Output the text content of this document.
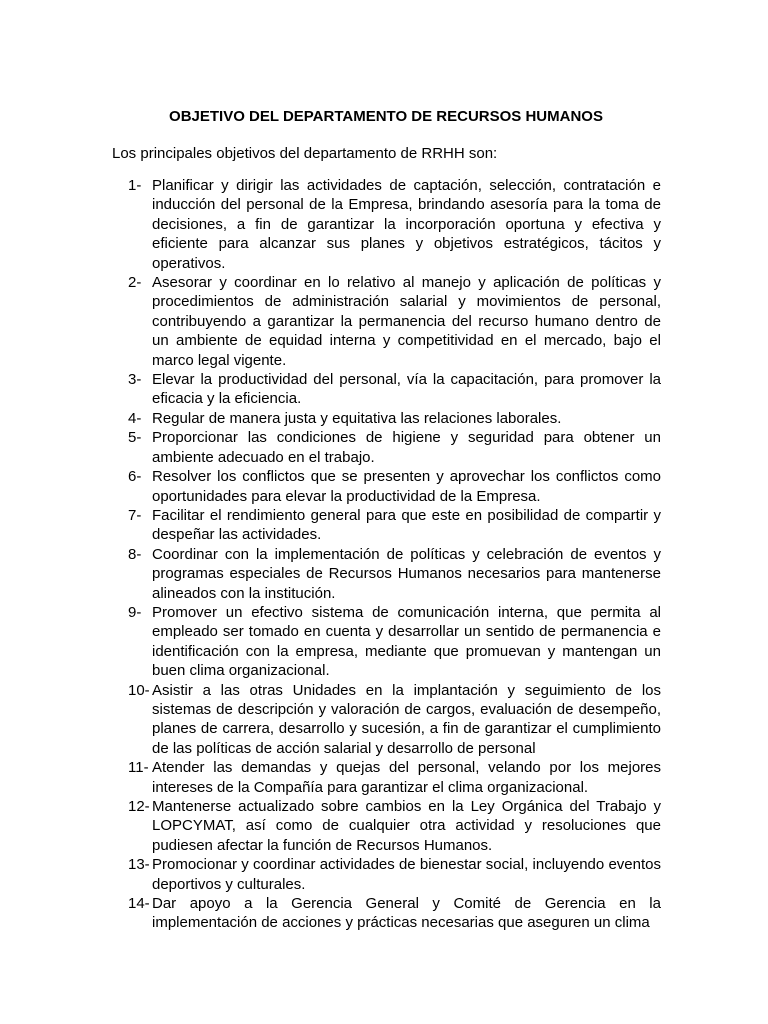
OBJETIVO DEL DEPARTAMENTO DE RECURSOS HUMANOS
Los principales objetivos del departamento de RRHH son:
1- Planificar y dirigir las actividades de captación, selección, contratación e inducción del personal de la Empresa, brindando asesoría para la toma de decisiones, a fin de garantizar la incorporación oportuna y efectiva y eficiente para alcanzar sus planes y objetivos estratégicos, tácitos y operativos.
2- Asesorar y coordinar en lo relativo al manejo y aplicación de políticas y procedimientos de administración salarial y movimientos de personal, contribuyendo a garantizar la permanencia del recurso humano dentro de un ambiente de equidad interna y competitividad en el mercado, bajo el marco legal vigente.
3- Elevar la productividad del personal, vía la capacitación, para promover la eficacia y la eficiencia.
4- Regular de manera justa y equitativa las relaciones laborales.
5- Proporcionar las condiciones de higiene y seguridad para obtener un ambiente adecuado en el trabajo.
6- Resolver los conflictos que se presenten y aprovechar los conflictos como oportunidades para elevar la productividad de la Empresa.
7- Facilitar el rendimiento general para que este en posibilidad de compartir y despeñar las actividades.
8- Coordinar con la implementación de políticas y celebración de eventos y programas especiales de Recursos Humanos necesarios para mantenerse alineados con la institución.
9- Promover un efectivo sistema de comunicación interna, que permita al empleado ser tomado en cuenta y desarrollar un sentido de permanencia e identificación con la empresa, mediante que promuevan y mantengan un buen clima organizacional.
10- Asistir a las otras Unidades en la implantación y seguimiento de los sistemas de descripción y valoración de cargos, evaluación de desempeño, planes de carrera, desarrollo y sucesión, a fin de garantizar el cumplimiento de las políticas de acción salarial y desarrollo de personal
11- Atender las demandas y quejas del personal, velando por los mejores intereses de la Compañía para garantizar el clima organizacional.
12- Mantenerse actualizado sobre cambios en la Ley Orgánica del Trabajo y LOPCYMAT, así como de cualquier otra actividad y resoluciones que pudiesen afectar la función de Recursos Humanos.
13- Promocionar y coordinar actividades de bienestar social, incluyendo eventos deportivos y culturales.
14- Dar apoyo a la Gerencia General y Comité de Gerencia en la implementación de acciones y prácticas necesarias que aseguren un clima
